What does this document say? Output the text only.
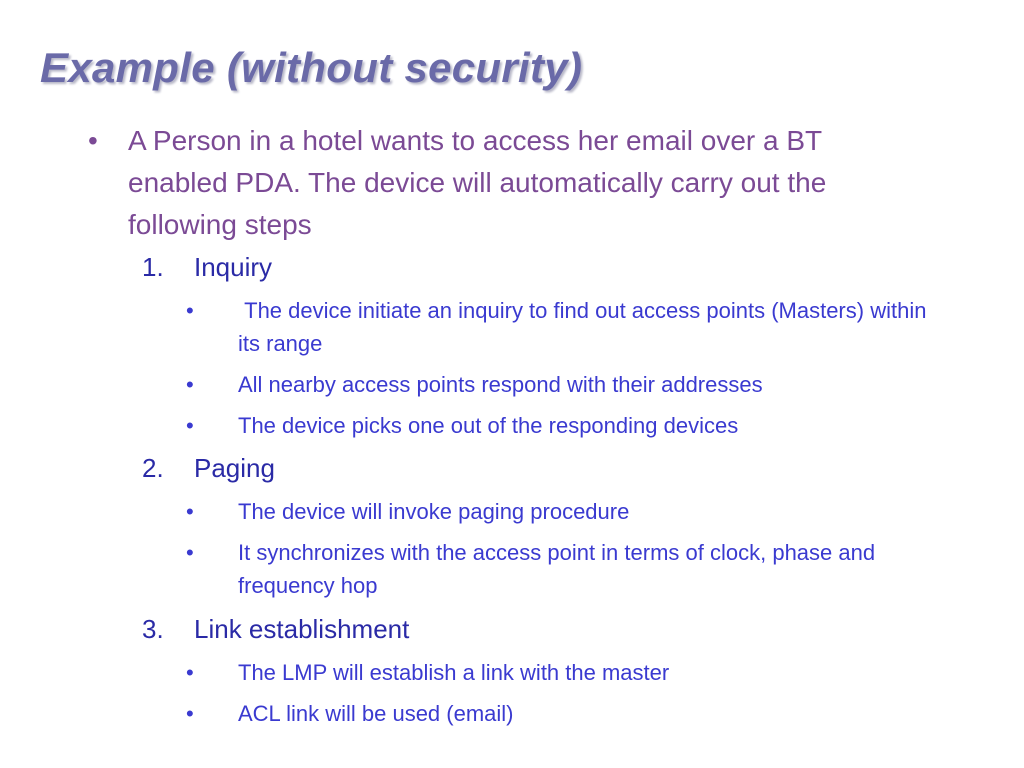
Example (without security)
• A Person in a hotel wants to access her email over a BT enabled PDA. The device will automatically carry out the following steps
1. Inquiry
• The device initiate an inquiry to find out access points (Masters) within its range
• All nearby access points respond with their addresses
• The device picks one out of the responding devices
2. Paging
• The device will invoke paging procedure
• It synchronizes with the access point in terms of clock, phase and frequency hop
3. Link establishment
• The LMP will establish a link with the master
• ACL link will be used (email)
